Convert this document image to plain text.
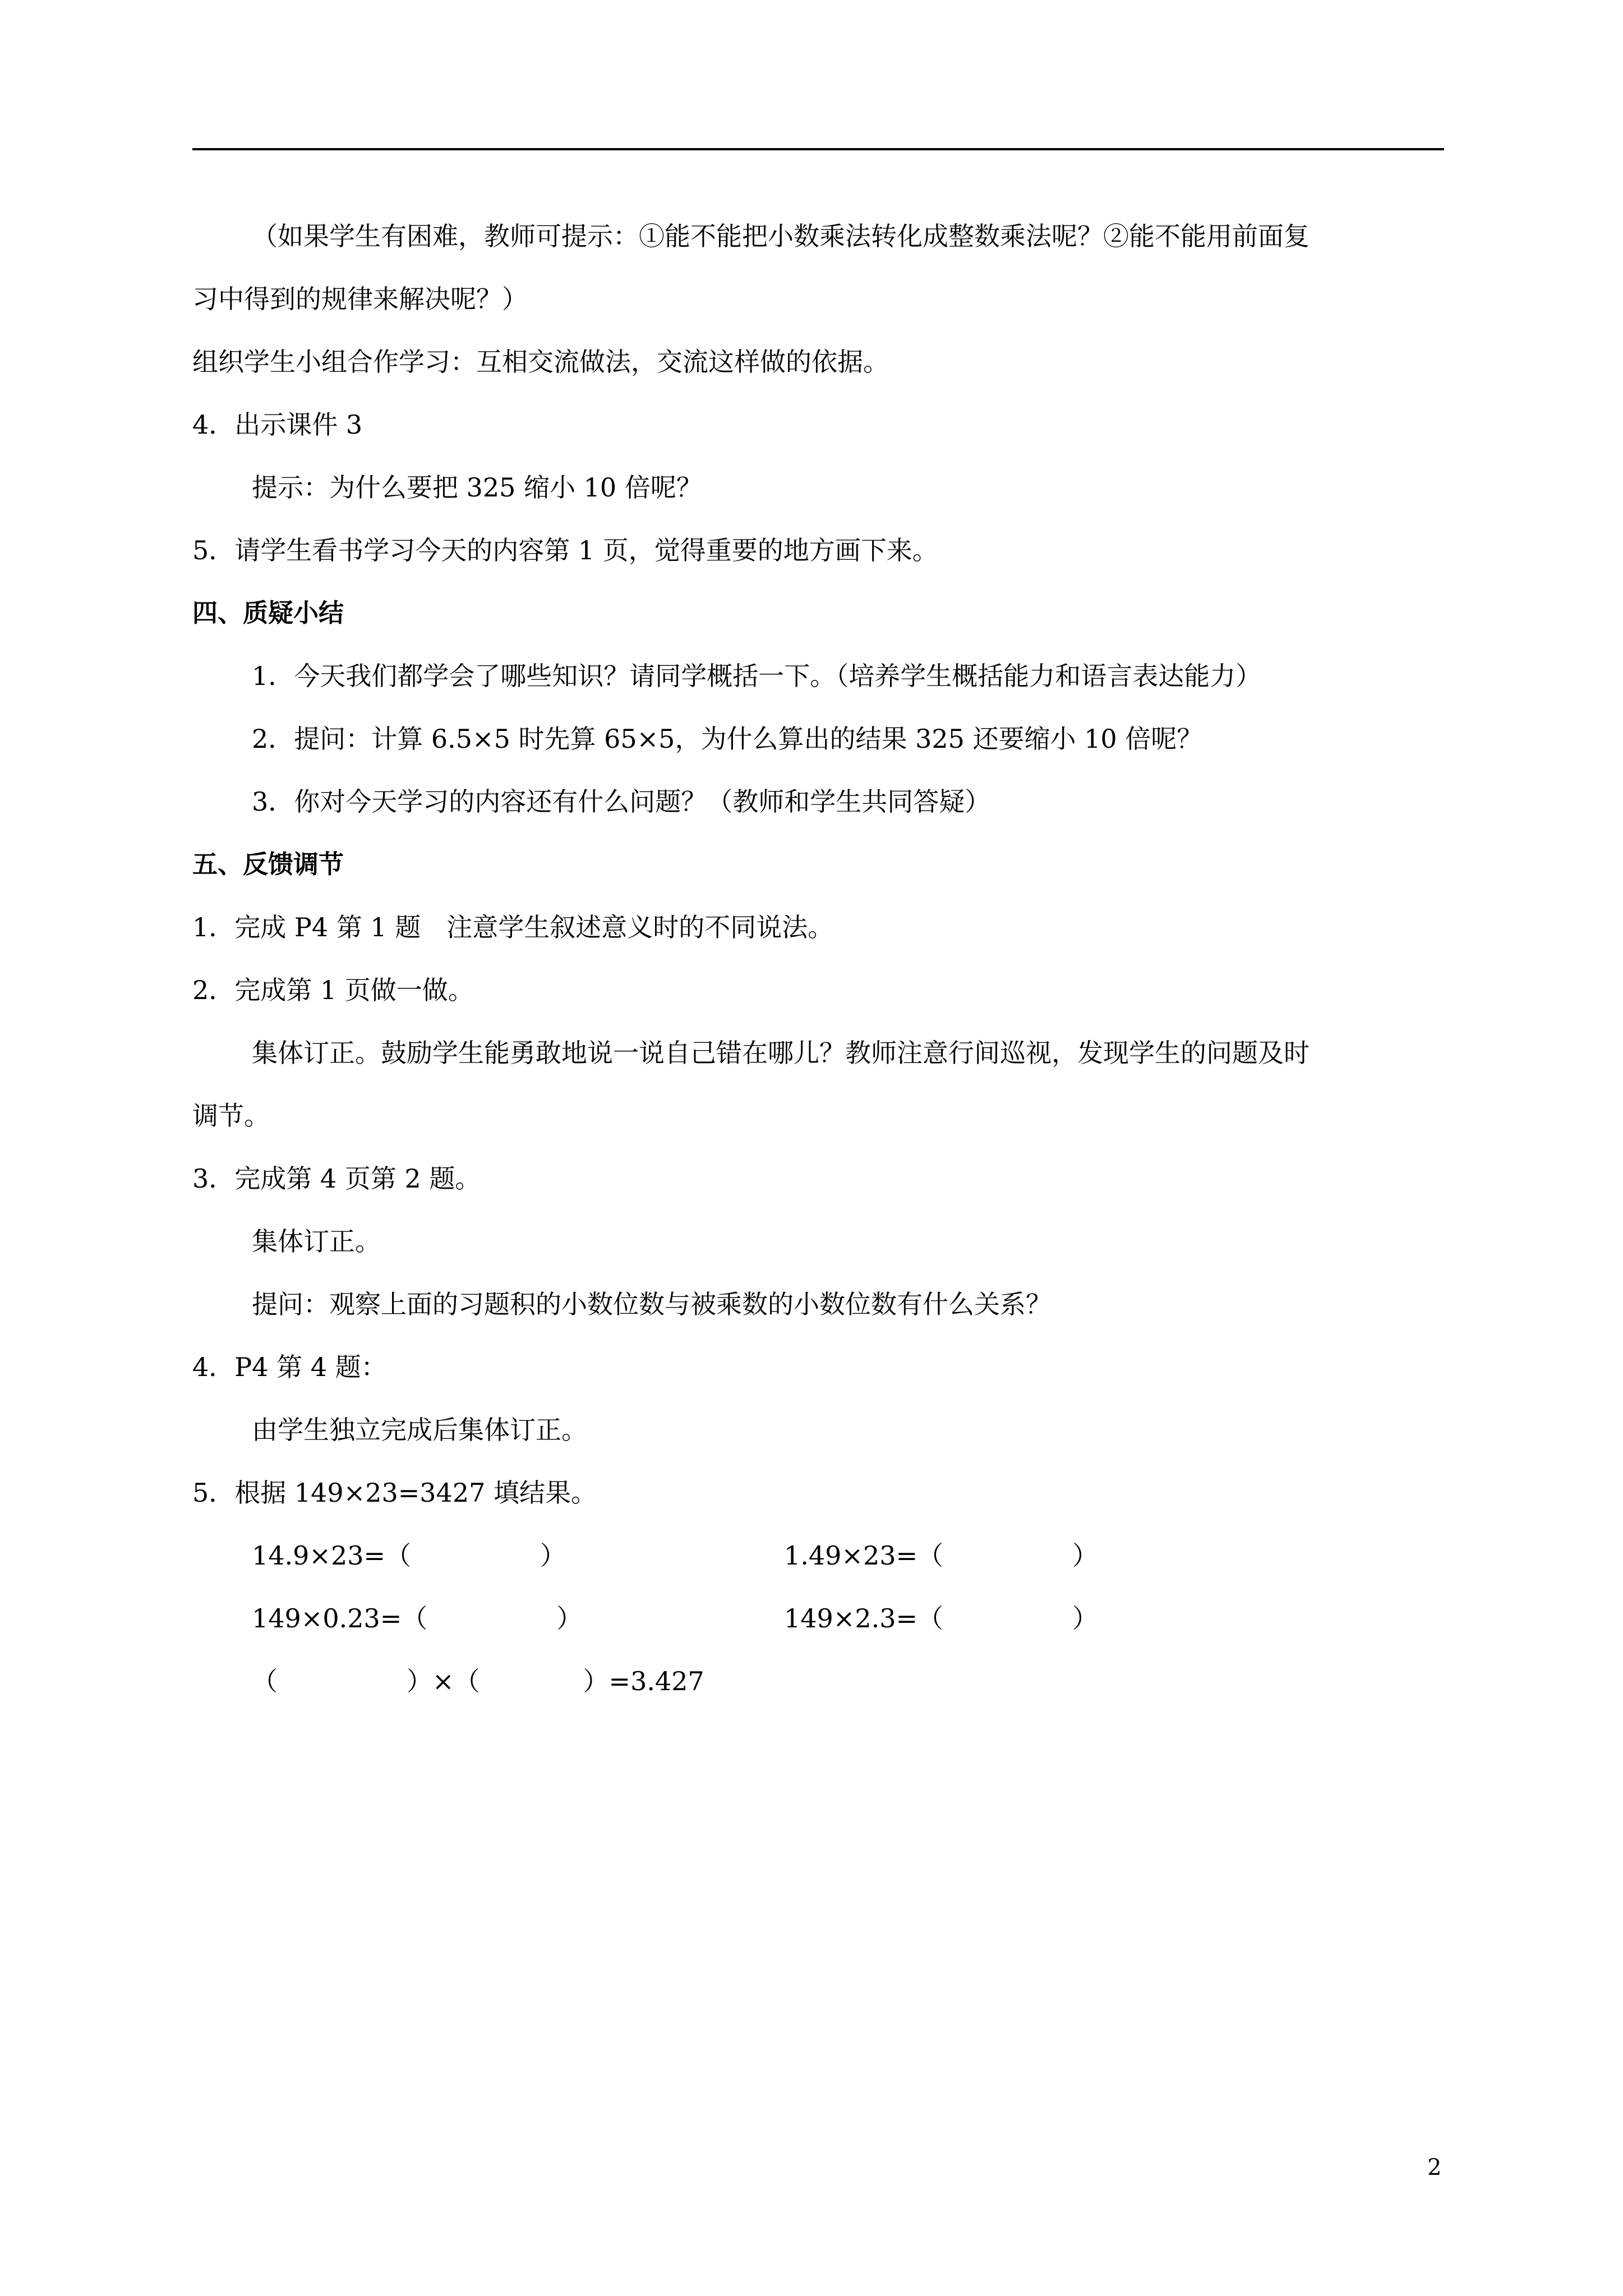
（如果学生有困难，教师可提示：①能不能把小数乘法转化成整数乘法呢？②能不能用前面复
习中得到的规律来解决呢？）
组织学生小组合作学习：互相交流做法，交流这样做的依据。
4．出示课件 3
提示：为什么要把 325 缩小 10 倍呢？
5．请学生看书学习今天的内容第 1 页，觉得重要的地方画下来。
四、质疑小结
1．今天我们都学会了哪些知识？请同学概括一下。（培养学生概括能力和语言表达能力）
2．提问：计算 6.5×5 时先算 65×5，为什么算出的结果 325 还要缩小 10 倍呢？
3．你对今天学习的内容还有什么问题？（教师和学生共同答疑）
五、反馈调节
1．完成 P4 第 1 题　注意学生叙述意义时的不同说法。
2．完成第 1 页做一做。
集体订正。鼓励学生能勇敢地说一说自己错在哪儿？教师注意行间巡视，发现学生的问题及时
调节。
3．完成第 4 页第 2 题。
集体订正。
提问：观察上面的习题积的小数位数与被乘数的小数位数有什么关系？
4．P4 第 4 题：
由学生独立完成后集体订正。
5．根据 149×23=3427 填结果。
14.9×23=（　　　　　）	1.49×23=（　　　　　）
149×0.23=（　　　　　）	149×2.3=（　　　　　）
（　　　　　）×（　　　　）=3.427
2
